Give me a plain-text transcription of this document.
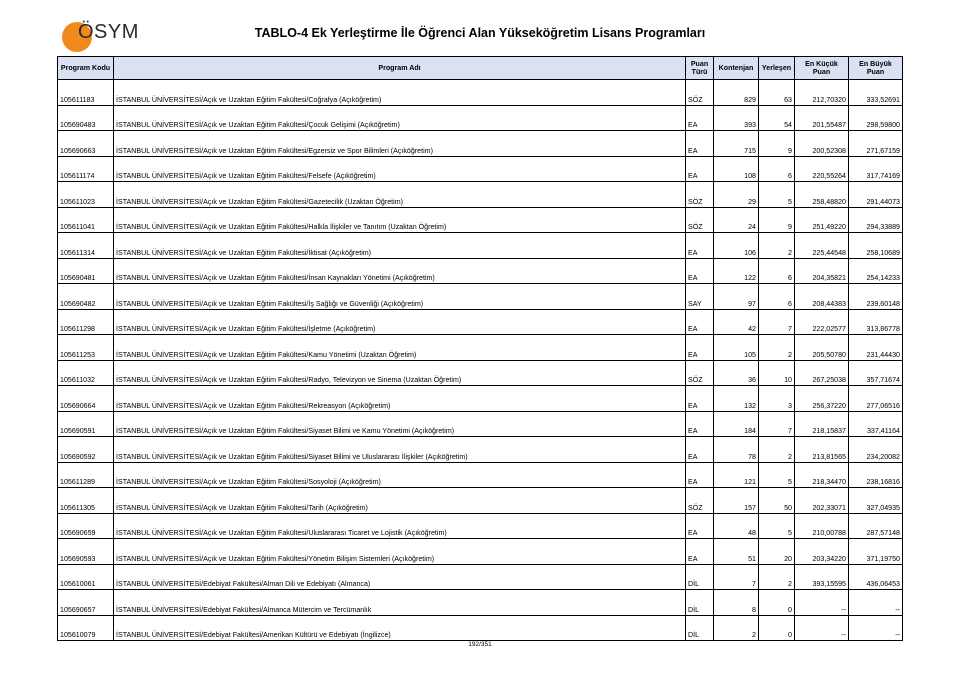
ÖSYM	TABLO-4 Ek Yerleştirme İle Öğrenci Alan Yükseköğretim Lisans Programları
Program Kodu	Program Adı	Puan Türü	Kontenjan	Yerleşen	En Küçük Puan	En Büyük Puan
105611183	İSTANBUL ÜNİVERSİTESİ/Açık ve Uzaktan Eğitim Fakültesi/Coğrafya (Açıköğretim)	SÖZ	829	63	212,70320	333,52691
105690483	İSTANBUL ÜNİVERSİTESİ/Açık ve Uzaktan Eğitim Fakültesi/Çocuk Gelişimi (Açıköğretim)	EA	393	54	201,55487	298,59800
105690663	İSTANBUL ÜNİVERSİTESİ/Açık ve Uzaktan Eğitim Fakültesi/Egzersiz ve Spor Bilimleri (Açıköğretim)	EA	715	9	200,52308	271,67159
105611174	İSTANBUL ÜNİVERSİTESİ/Açık ve Uzaktan Eğitim Fakültesi/Felsefe (Açıköğretim)	EA	108	6	220,55264	317,74169
105611023	İSTANBUL ÜNİVERSİTESİ/Açık ve Uzaktan Eğitim Fakültesi/Gazetecilik (Uzaktan Öğretim)	SÖZ	29	5	258,48820	291,44073
105611041	İSTANBUL ÜNİVERSİTESİ/Açık ve Uzaktan Eğitim Fakültesi/Halkla İlişkiler ve Tanıtım (Uzaktan Öğretim)	SÖZ	24	9	251,49220	294,33889
105611314	İSTANBUL ÜNİVERSİTESİ/Açık ve Uzaktan Eğitim Fakültesi/İktisat (Açıköğretim)	EA	106	2	225,44548	258,10689
105690481	İSTANBUL ÜNİVERSİTESİ/Açık ve Uzaktan Eğitim Fakültesi/İnsan Kaynakları Yönetimi (Açıköğretim)	EA	122	6	204,35821	254,14233
105690482	İSTANBUL ÜNİVERSİTESİ/Açık ve Uzaktan Eğitim Fakültesi/İş Sağlığı ve Güvenliği (Açıköğretim)	SAY	97	6	208,44383	239,60148
105611298	İSTANBUL ÜNİVERSİTESİ/Açık ve Uzaktan Eğitim Fakültesi/İşletme (Açıköğretim)	EA	42	7	222,02577	313,86778
105611253	İSTANBUL ÜNİVERSİTESİ/Açık ve Uzaktan Eğitim Fakültesi/Kamu Yönetimi (Uzaktan Öğretim)	EA	105	2	205,50780	231,44430
105611032	İSTANBUL ÜNİVERSİTESİ/Açık ve Uzaktan Eğitim Fakültesi/Radyo, Televizyon ve Sinema (Uzaktan Öğretim)	SÖZ	36	10	267,25038	357,71674
105690664	İSTANBUL ÜNİVERSİTESİ/Açık ve Uzaktan Eğitim Fakültesi/Rekreasyon (Açıköğretim)	EA	132	3	256,37220	277,06516
105690591	İSTANBUL ÜNİVERSİTESİ/Açık ve Uzaktan Eğitim Fakültesi/Siyaset Bilimi ve Kamu Yönetimi (Açıköğretim)	EA	184	7	218,15837	337,41164
105690592	İSTANBUL ÜNİVERSİTESİ/Açık ve Uzaktan Eğitim Fakültesi/Siyaset Bilimi ve Uluslararası İlişkiler (Açıköğretim)	EA	78	2	213,81565	234,20082
105611289	İSTANBUL ÜNİVERSİTESİ/Açık ve Uzaktan Eğitim Fakültesi/Sosyoloji (Açıköğretim)	EA	121	5	218,34470	238,16816
105611305	İSTANBUL ÜNİVERSİTESİ/Açık ve Uzaktan Eğitim Fakültesi/Tarih (Açıköğretim)	SÖZ	157	50	202,33071	327,04935
105690659	İSTANBUL ÜNİVERSİTESİ/Açık ve Uzaktan Eğitim Fakültesi/Uluslararası Ticaret ve Lojistik (Açıköğretim)	EA	48	5	210,00788	287,57148
105690593	İSTANBUL ÜNİVERSİTESİ/Açık ve Uzaktan Eğitim Fakültesi/Yönetim Bilişim Sistemleri (Açıköğretim)	EA	51	20	203,34220	371,19750
105610061	İSTANBUL ÜNİVERSİTESİ/Edebiyat Fakültesi/Alman Dili ve Edebiyatı (Almanca)	DİL	7	2	393,15595	436,06453
105690657	İSTANBUL ÜNİVERSİTESİ/Edebiyat Fakültesi/Almanca Mütercim ve Tercümanlık	DİL	8	0	--	--
105610079	İSTANBUL ÜNİVERSİTESİ/Edebiyat Fakültesi/Amerikan Kültürü ve Edebiyatı (İngilizce)	DİL	2	0	--	--
192/351
